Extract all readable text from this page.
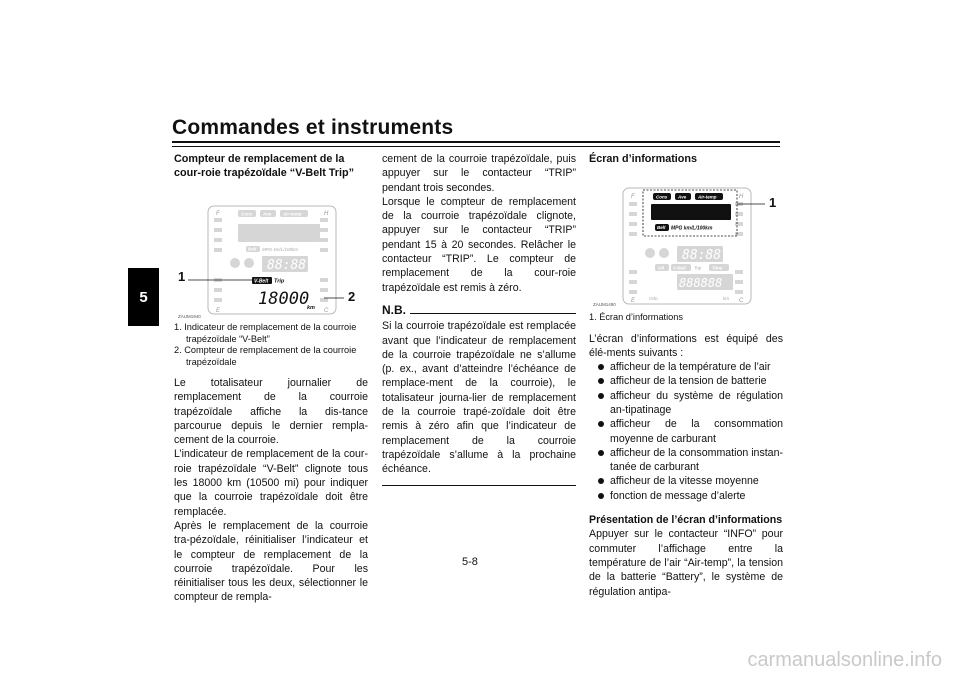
Commandes et instruments
5
Compteur de remplacement de la cour-roie trapézoïdale “V-Belt Trip”
F	H
E	C
Cons Ave	Air-temp
Belt MPG km/L/100km
88:88
V-Belt Trip
18000
km
1
2
ZAUM1940
1. Indicateur de remplacement de la courroie trapézoïdale “V-Belt”
2. Compteur de remplacement de la courroie trapézoïdale

Le totalisateur journalier de remplacement de la courroie trapézoïdale affiche la dis-tance parcourue depuis le dernier rempla-cement de la courroie.
L’indicateur de remplacement de la cour-roie trapézoïdale “V-Belt” clignote tous les 18000 km (10500 mi) pour indiquer que la courroie trapézoïdale doit être remplacée.
Après le remplacement de la courroie tra-pézoïdale, réinitialiser l’indicateur et le compteur de remplacement de la courroie trapézoïdale. Pour les réinitialiser tous les deux, sélectionner le compteur de rempla-

cement de la courroie trapézoïdale, puis appuyer sur le contacteur “TRIP” pendant trois secondes.
Lorsque le compteur de remplacement de la courroie trapézoïdale clignote, appuyer sur le contacteur “TRIP” pendant 15 à 20 secondes. Relâcher le contacteur “TRIP”. Le compteur de remplacement de la cour-roie trapézoïdale est remis à zéro.

N.B.

Si la courroie trapézoïdale est remplacée avant que l’indicateur de remplacement de la courroie trapézoïdale ne s’allume (p. ex., avant d’atteindre l’échéance de remplace-ment de la courroie), le totalisateur journa-lier de remplacement de la courroie trapé-zoïdale doit être remis à zéro afin que l’indicateur de remplacement de la courroie trapézoïdale s’allume à la prochaine échéance.

Écran d’informations
Cons Ave	Air-temp
Belt
Oil V-Belt	Time
MPG km/L/100km
F	H
E	C
Trip
Odo	km
88:88
888888
1
ZAUM1490
1. Écran d’informations

L’écran d’informations est équipé des élé-ments suivants :

afficheur de la température de l’air
afficheur de la tension de batterie
afficheur du système de régulation an-tipatinage
afficheur de la consommation moyenne de carburant
afficheur de la consommation instan-tanée de carburant
afficheur de la vitesse moyenne
fonction de message d’alerte
Présentation de l’écran d’informations

Appuyer sur le contacteur “INFO” pour commuter l’affichage entre la température de l’air “Air-temp”, la tension de la batterie “Battery”, le système de régulation antipa-

5-8
carmanualsonline.info
